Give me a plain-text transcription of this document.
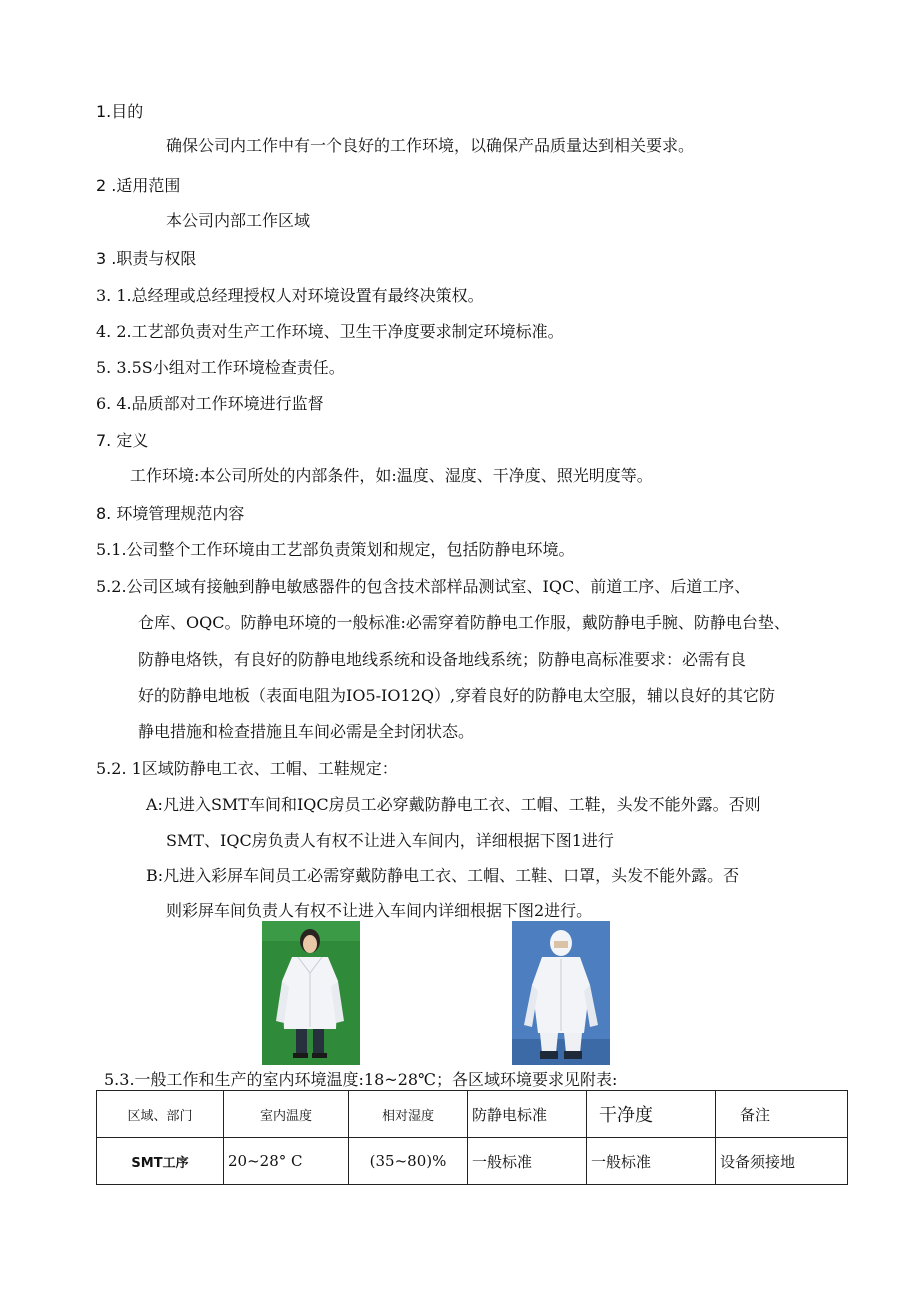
1.目的
确保公司内工作中有一个良好的工作环境，以确保产品质量达到相关要求。
2 .适用范围
本公司内部工作区域
3 .职责与权限
3. 1.总经理或总经理授权人对环境设置有最终决策权。
4. 2.工艺部负责对生产工作环境、卫生干净度要求制定环境标准。
5. 3.5S小组对工作环境检查责任。
6. 4.品质部对工作环境进行监督
7. 定义
工作环境:本公司所处的内部条件，如:温度、湿度、干净度、照光明度等。
8. 环境管理规范内容
5.1.公司整个工作环境由工艺部负责策划和规定，包括防静电环境。
5.2.公司区域有接触到静电敏感器件的包含技术部样品测试室、IQC、前道工序、后道工序、
仓库、OQC。防静电环境的一般标准:必需穿着防静电工作服，戴防静电手腕、防静电台垫、
防静电烙铁，有良好的防静电地线系统和设备地线系统；防静电高标准要求：必需有良
好的防静电地板（表面电阻为IO5-IO12Q）,穿着良好的防静电太空服，辅以良好的其它防
静电措施和检查措施且车间必需是全封闭状态。
5.2. 1区域防静电工衣、工帽、工鞋规定：
A:凡进入SMT车间和IQC房员工必穿戴防静电工衣、工帽、工鞋，头发不能外露。否则
SMT、IQC房负责人有权不让进入车间内，详细根据下图1进行
B:凡进入彩屏车间员工必需穿戴防静电工衣、工帽、工鞋、口罩，头发不能外露。否
则彩屏车间负责人有权不让进入车间内详细根据下图2进行。
5.3.一般工作和生产的室内环境温度:18~28℃；各区域环境要求见附表:
区域、部门	室内温度	相对湿度	防静电标准	干净度	备注
SMT工序	20~28° C	(35~80)%	一般标准	一般标准	设备须接地
